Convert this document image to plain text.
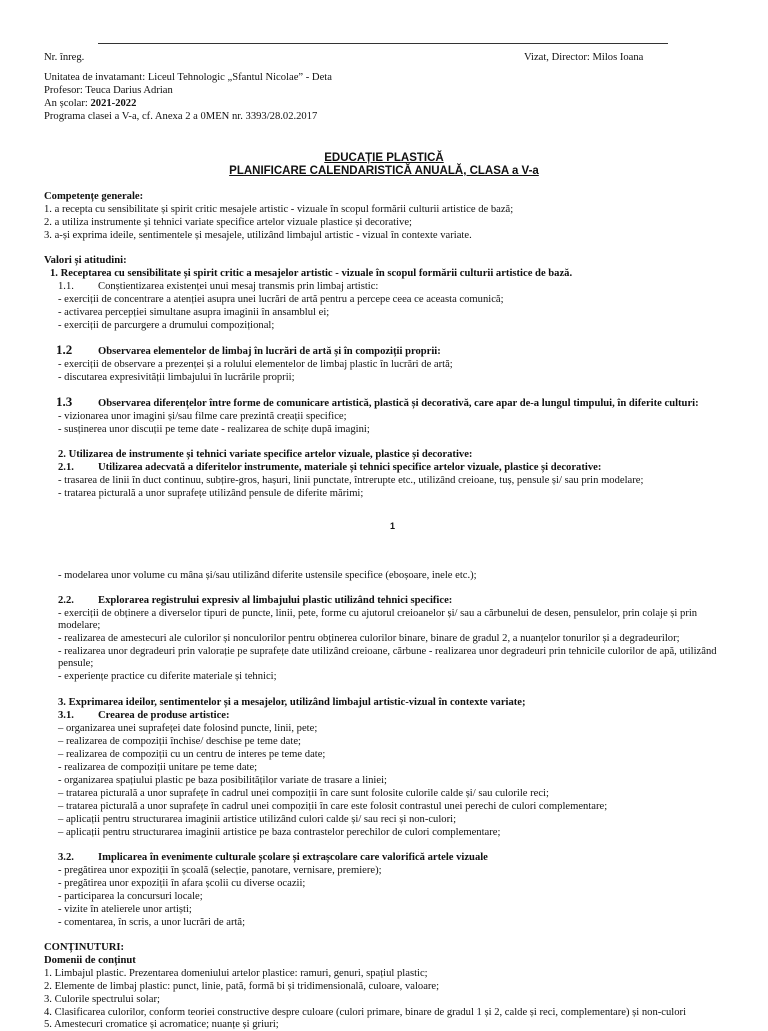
Nr. înreg.	Vizat, Director: Milos Ioana
Unitatea de invatamant: Liceul Tehnologic „Sfantul Nicolae” - Deta
Profesor: Teuca Darius Adrian
An școlar: 2021-2022
Programa clasei a V-a, cf. Anexa 2 a 0MEN nr. 3393/28.02.2017
EDUCAȚIE PLASTICĂ
PLANIFICARE CALENDARISTICĂ ANUALĂ, CLASA a V-a
Competențe generale:
1. a recepta cu sensibilitate și spirit critic mesajele artistic - vizuale în scopul formării culturii artistice de bază;
2. a utiliza instrumente și tehnici variate specifice artelor vizuale plastice și decorative;
3. a-și exprima ideile, sentimentele și mesajele, utilizând limbajul artistic - vizual în contexte variate.
Valori și atitudini:
1. Receptarea cu sensibilitate și spirit critic a mesajelor artistic - vizuale în scopul formării culturii artistice de bază.
1.1. Conștientizarea existenței unui mesaj transmis prin limbaj artistic:
- exerciții de concentrare a atenției asupra unei lucrări de artă pentru a percepe ceea ce aceasta comunică;
- activarea percepției simultane asupra imaginii în ansamblul ei;
- exerciții de parcurgere a drumului compozițional;
1.2 Observarea elementelor de limbaj în lucrări de artă și în compoziții proprii:
- exerciții de observare a prezenței și a rolului elementelor de limbaj plastic în lucrări de artă;
- discutarea expresivității limbajului în lucrările proprii;
1.3 Observarea diferențelor între forme de comunicare artistică, plastică și decorativă, care apar de-a lungul timpului, în diferite culturi:
- vizionarea unor imagini și/sau filme care prezintă creații specifice;
- susținerea unor discuții pe teme date - realizarea de schițe după imagini;
2. Utilizarea de instrumente și tehnici variate specifice artelor vizuale, plastice și decorative:
2.1. Utilizarea adecvată a diferitelor instrumente, materiale și tehnici specifice artelor vizuale, plastice și decorative:
- trasarea de linii în duct continuu, subțire-gros, hașuri, linii punctate, întrerupte etc., utilizând creioane, tuș, pensule și/ sau prin modelare;
- tratarea picturală a unor suprafețe utilizând pensule de diferite mărimi;
1
- modelarea unor volume cu mâna și/sau utilizând diferite ustensile specifice (eboșoare, inele etc.);
2.2. Explorarea registrului expresiv al limbajului plastic utilizând tehnici specifice:
- exerciții de obținere a diverselor tipuri de puncte, linii, pete, forme cu ajutorul creioanelor și/ sau a cărbunelui de desen, pensulelor, prin colaje și prin
modelare;
- realizarea de amestecuri ale culorilor și nonculorilor pentru obținerea culorilor binare, binare de gradul 2, a nuanțelor tonurilor și a degradeurilor;
- realizarea unor degradeuri prin valorație pe suprafețe date utilizând creioane, cărbune - realizarea unor degradeuri prin tehnicile culorilor de apă, utilizând
pensule;
- experiențe practice cu diferite materiale și tehnici;
3. Exprimarea ideilor, sentimentelor și a mesajelor, utilizând limbajul artistic-vizual în contexte variate;
3.1. Crearea de produse artistice:
– organizarea unei suprafeței date folosind puncte, linii, pete;
– realizarea de compoziții închise/ deschise pe teme date;
– realizarea de compoziții cu un centru de interes pe teme date;
- realizarea de compoziții unitare pe teme date;
- organizarea spațiului plastic pe baza posibilităților variate de trasare a liniei;
– tratarea picturală a unor suprafețe în cadrul unei compoziții în care sunt folosite culorile calde și/ sau culorile reci;
– tratarea picturală a unor suprafețe în cadrul unei compoziții în care este folosit contrastul unei perechi de culori complementare;
– aplicații pentru structurarea imaginii artistice utilizând culori calde și/ sau reci și non-culori;
– aplicații pentru structurarea imaginii artistice pe baza contrastelor perechilor de culori complementare;
3.2. Implicarea în evenimente culturale școlare și extrașcolare care valorifică artele vizuale
- pregătirea unor expoziții în școală (selecție, panotare, vernisare, premiere);
- pregătirea unor expoziții în afara școlii cu diverse ocazii;
- participarea la concursuri locale;
- vizite în atelierele unor artiști;
- comentarea, în scris, a unor lucrări de artă;
CONȚINUTURI:
Domenii de conținut
1. Limbajul plastic. Prezentarea domeniului artelor plastice: ramuri, genuri, spațiul plastic;
2. Elemente de limbaj plastic: punct, linie, pată, formă bi și tridimensională, culoare, valoare;
3. Culorile spectrului solar;
4. Clasificarea culorilor, conform teoriei constructive despre culoare (culori primare, binare de gradul 1 și 2, calde și reci, complementare) și non-culori
5. Amestecuri cromatice și acromatice; nuanțe și griuri;
